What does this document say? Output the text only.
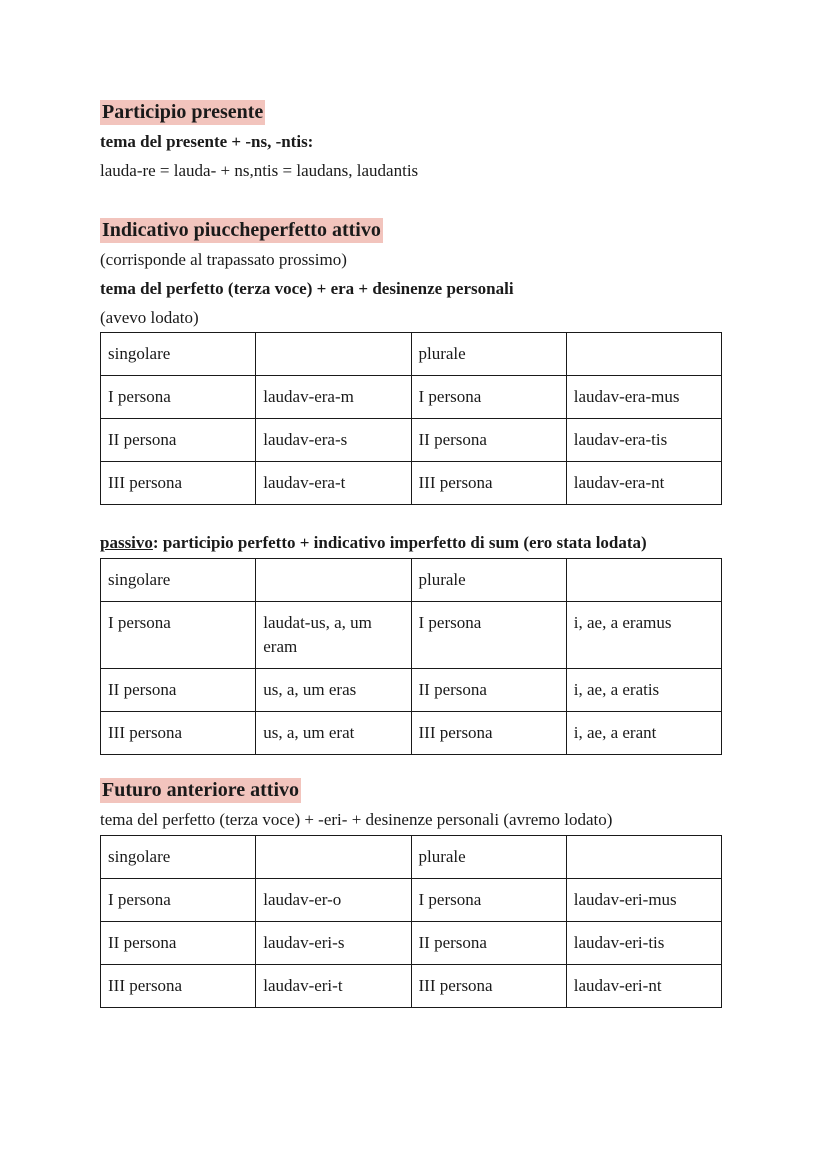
Participio presente
tema del presente + -ns, -ntis:
lauda-re = lauda- + ns,ntis = laudans, laudantis
Indicativo piuccheperfetto attivo
(corrisponde al trapassato prossimo)
tema del perfetto (terza voce) + era + desinenze personali
(avevo lodato)
singolare		plurale	
I persona	laudav-era-m	I persona	laudav-era-mus
II persona	laudav-era-s	II persona	laudav-era-tis
III persona	laudav-era-t	III persona	laudav-era-nt
passivo: participio perfetto + indicativo imperfetto di sum (ero stata lodata)
singolare		plurale	
I persona	laudat-us, a, um eram	I persona	i, ae, a eramus
II persona	us, a, um eras	II persona	i, ae, a eratis
III persona	us, a, um erat	III persona	i, ae, a erant
Futuro anteriore attivo
tema del perfetto (terza voce) + -eri- + desinenze personali (avremo lodato)
singolare		plurale	
I persona	laudav-er-o	I persona	laudav-eri-mus
II persona	laudav-eri-s	II persona	laudav-eri-tis
III persona	laudav-eri-t	III persona	laudav-eri-nt
